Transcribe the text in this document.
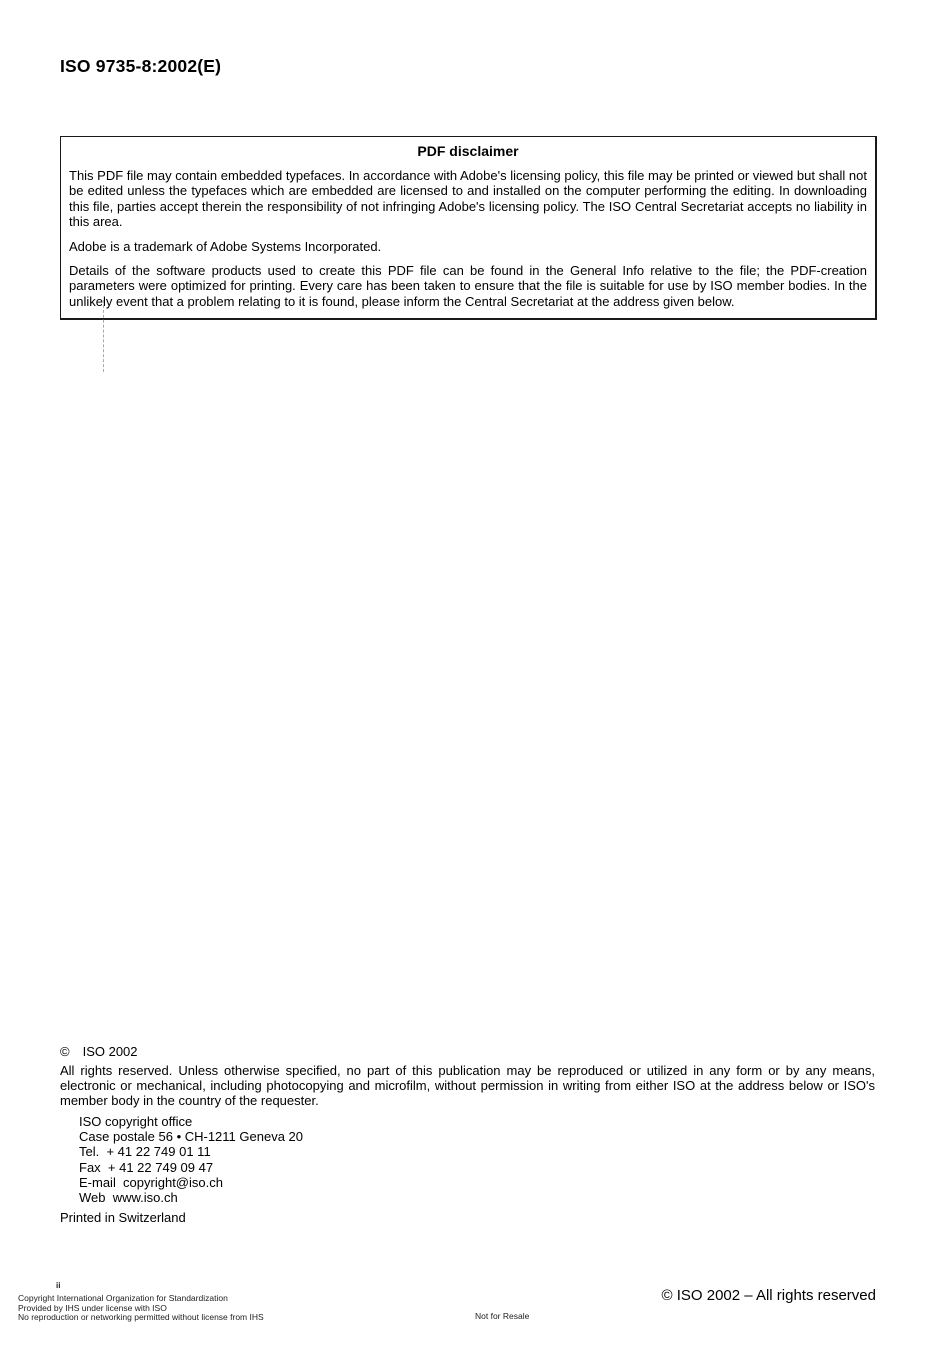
ISO 9735-8:2002(E)
PDF disclaimer

This PDF file may contain embedded typefaces. In accordance with Adobe's licensing policy, this file may be printed or viewed but shall not be edited unless the typefaces which are embedded are licensed to and installed on the computer performing the editing. In downloading this file, parties accept therein the responsibility of not infringing Adobe's licensing policy. The ISO Central Secretariat accepts no liability in this area.

Adobe is a trademark of Adobe Systems Incorporated.

Details of the software products used to create this PDF file can be found in the General Info relative to the file; the PDF-creation parameters were optimized for printing. Every care has been taken to ensure that the file is suitable for use by ISO member bodies. In the unlikely event that a problem relating to it is found, please inform the Central Secretariat at the address given below.

© ISO 2002
All rights reserved. Unless otherwise specified, no part of this publication may be reproduced or utilized in any form or by any means, electronic or mechanical, including photocopying and microfilm, without permission in writing from either ISO at the address below or ISO's member body in the country of the requester.
ISO copyright office
Case postale 56 • CH-1211 Geneva 20
Tel.  + 41 22 749 01 11
Fax  + 41 22 749 09 47
E-mail  copyright@iso.ch
Web  www.iso.ch
Printed in Switzerland
ii
Copyright International Organization for Standardization
Provided by IHS under license with ISO
No reproduction or networking permitted without license from IHS	Not for Resale
© ISO 2002 – All rights reserved
